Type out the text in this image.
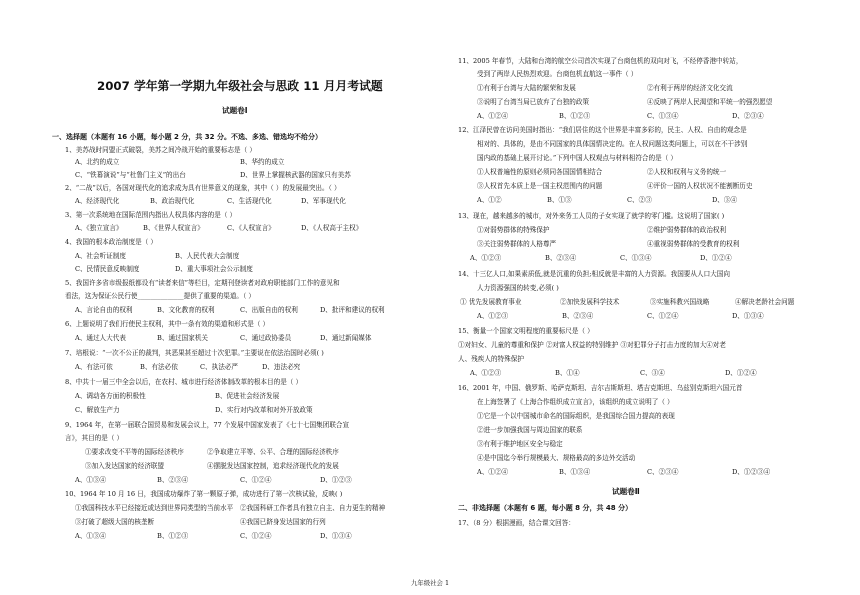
2007 学年第一学期九年级社会与思政 11 月月考试题
试题卷Ⅰ
一、选择题（本题有 16 小题，每小题 2 分，共 32 分。不选、多选、错选均不给分）
1、美苏战时同盟正式破裂，美苏之间冷战开始的重要标志是（ ）
A、北约的成立	B、华约的成立
C、“铁幕演说”与“杜鲁门主义”的出台	D、世界上掌握核武器的国家只有美苏
2、“二战”以后，各国对现代化的追求成为具有世界意义的现象，其中（ ）的发展最突出。（ ）
A、经济现代化	B、政治现代化	C、生活现代化	D、军事现代化
3、第一次系统地在国际范围内指出人权具体内容的是（ ）
A、《独立宣言》	B、《世界人权宣言》	C、《人权宣言》	D、《人权高于主权》
4、我国的根本政治制度是（ ）
A、社会听证制度	B、人民代表大会制度
C、民情民意反映制度	D、重大事项社会公示制度
5、我国许多省市级报纸都设有“读者来信”等栏目，定期刊登读者对政府职能部门工作的意见和
看法，这为保证公民行使______________提供了重要的渠道。（ ）
A、言论自由的权利	B、文化教育的权利	C、出版自由的权利	D、批评和建议的权利
6、上题说明了我们行使民主权利，其中一条有效的渠道和形式是（ ）
A、通过人大代表	B、通过国家机关	C、通过政协委员	D、通过新闻媒体
7、培根说：“一次不公正的裁判，其恶果甚至超过十次犯罪。”主要说在依法治国时必须( )
A、有法可依	B、有法必依	C、执法必严	D、违法必究
8、中共十一届三中全会以后，在农村、城市进行经济体制改革的根本目的是（ ）
A、调动各方面的积极性	B、促进社会经济发展
C、解放生产力	D、实行对内改革和对外开放政策
9、1964 年，在第一届联合国贸易和发展会议上，77 个发展中国家发表了《七十七国集团联合宣
言》，其目的是（ ）
①要求改变不平等的国际经济秩序	②争取建立平等、公平、合理的国际经济秩序
③加入发达国家的经济联盟	④摆脱发达国家控制，追求经济现代化的发展
A、①③④	B、②③④	C、①②④	D、①②③
10、1964 年 10 月 16 日，我国成功爆炸了第一颗原子弹，成功进行了第一次核试验，反映( )
①我国科技水平已经接近或达到世界同类型的当前水平 ②我国科研工作者具有独立自主、自力更生的精神
③打破了超级大国的核垄断	④我国已跻身发达国家的行列
A、①③④	B、①②③	C、①②④	D、①③④
11、2005 年春节，大陆和台湾的航空公司首次实现了台商包机的双向对飞，不经停香港中转站，
受到了两岸人民热烈欢迎。台商包机直航这一事件（ ）
①有利于台湾与大陆的繁荣和发展	②有利于两岸的经济文化交流
③说明了台湾当局已放弃了台独的政策	④反映了两岸人民渴望和平统一的强烈愿望
A、①②④	B、①②③	C、①③④	D、②③④
12、江泽民曾在访问美国时指出：“我们居住的这个世界是丰富多彩的，民主、人权、自由的观念是
相对的、具体的，是由不同国家的具体国情决定的。在人权问题这类问题上，可以在不干涉别
国内政的基础上展开讨论。”下列中国人权观点与材料相符合的是（ ）
①人权普遍性的原则必须同各国国情相结合	②人权和权利与义务的统一
③人权首先本质上是一国主权范围内的问题	④评价一国的人权状况不能割断历史
A、①②	B、①③	C、②③	D、③④
13、现在，越来越多的城市，对外来务工人员的子女实现了就学的零门槛。这说明了国家( )
①对弱势群体的特殊保护	②维护弱势群体的政治权利
③关注弱势群体的人格尊严	④重视弱势群体的受教育的权利
A、①②③	B、②③④	C、①③④	D、①②④
14、十三亿人口,如果素质低,就是沉重的负担;相反就是丰富的人力资源。我国要从人口大国向
人力资源强国的转变,必须( )
① 优先发展教育事业	②加快发展科学技术	③实施科教兴国战略	④解决老龄社会问题
A、①②③	B、②③④	C、①②④	D、①③④
15、衡量一个国家文明程度的重要标尺是（ ）
①对妇女、儿童的尊重和保护 ②对富人权益的特别维护 ③对犯罪分子打击力度的加大④对老
人、残疾人的特殊保护
A、①②③	B、①④	C、③④	D、①②④
16、2001 年，中国、俄罗斯、哈萨克斯坦、吉尔吉斯斯坦、塔吉克斯坦、乌兹别克斯坦六国元首
在上海签署了《上海合作组织成立宣言》，该组织的成立说明了（ ）
①它是一个以中国城市命名的国际组织，是我国综合国力提高的表现
②进一步加强我国与周边国家的联系
③有利于维护地区安全与稳定
④是中国迄今举行规模最大、规格最高的多边外交活动
A、①②④	B、①③④	C、②③④	D、①②③④
试题卷Ⅱ
二、非选择题（本题有 6 题，每小题 8 分，共 48 分）
17、（8 分）根据漫画，结合课文回答：
九年级社会 1
